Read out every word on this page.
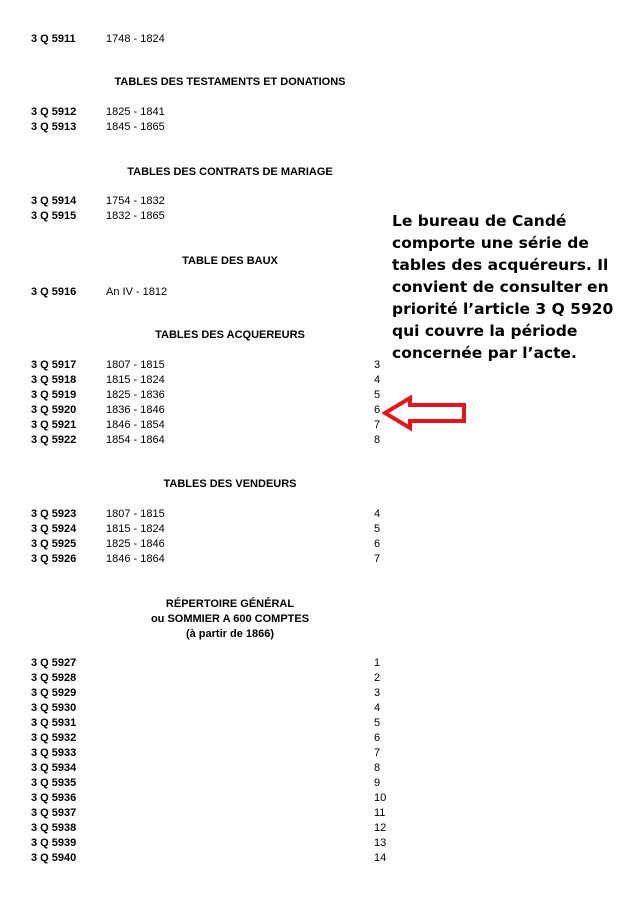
3 Q 5911	1748 - 1824
TABLES DES TESTAMENTS ET DONATIONS
3 Q 5912	1825 - 1841
3 Q 5913	1845 - 1865
TABLES DES CONTRATS DE MARIAGE
3 Q 5914	1754 - 1832
3 Q 5915	1832 - 1865
TABLE DES BAUX
3 Q 5916	An IV - 1812
TABLES DES ACQUEREURS
3 Q 5917	1807 - 1815	3
3 Q 5918	1815 - 1824	4
3 Q 5919	1825 - 1836	5
3 Q 5920	1836 - 1846	6
3 Q 5921	1846 - 1854	7
3 Q 5922	1854 - 1864	8
TABLES DES VENDEURS
3 Q 5923	1807 - 1815	4
3 Q 5924	1815 - 1824	5
3 Q 5925	1825 - 1846	6
3 Q 5926	1846 - 1864	7
RÉPERTOIRE GÉNÉRAL
ou SOMMIER A 600 COMPTES
(à partir de 1866)
3 Q 5927	1
3 Q 5928	2
3 Q 5929	3
3 Q 5930	4
3 Q 5931	5
3 Q 5932	6
3 Q 5933	7
3 Q 5934	8
3 Q 5935	9
3 Q 5936	10
3 Q 5937	11
3 Q 5938	12
3 Q 5939	13
3 Q 5940	14
Le bureau de Candé comporte une série de tables des acquéreurs. Il convient de consulter en priorité l’article 3 Q 5920 qui couvre la période concernée par l’acte.
